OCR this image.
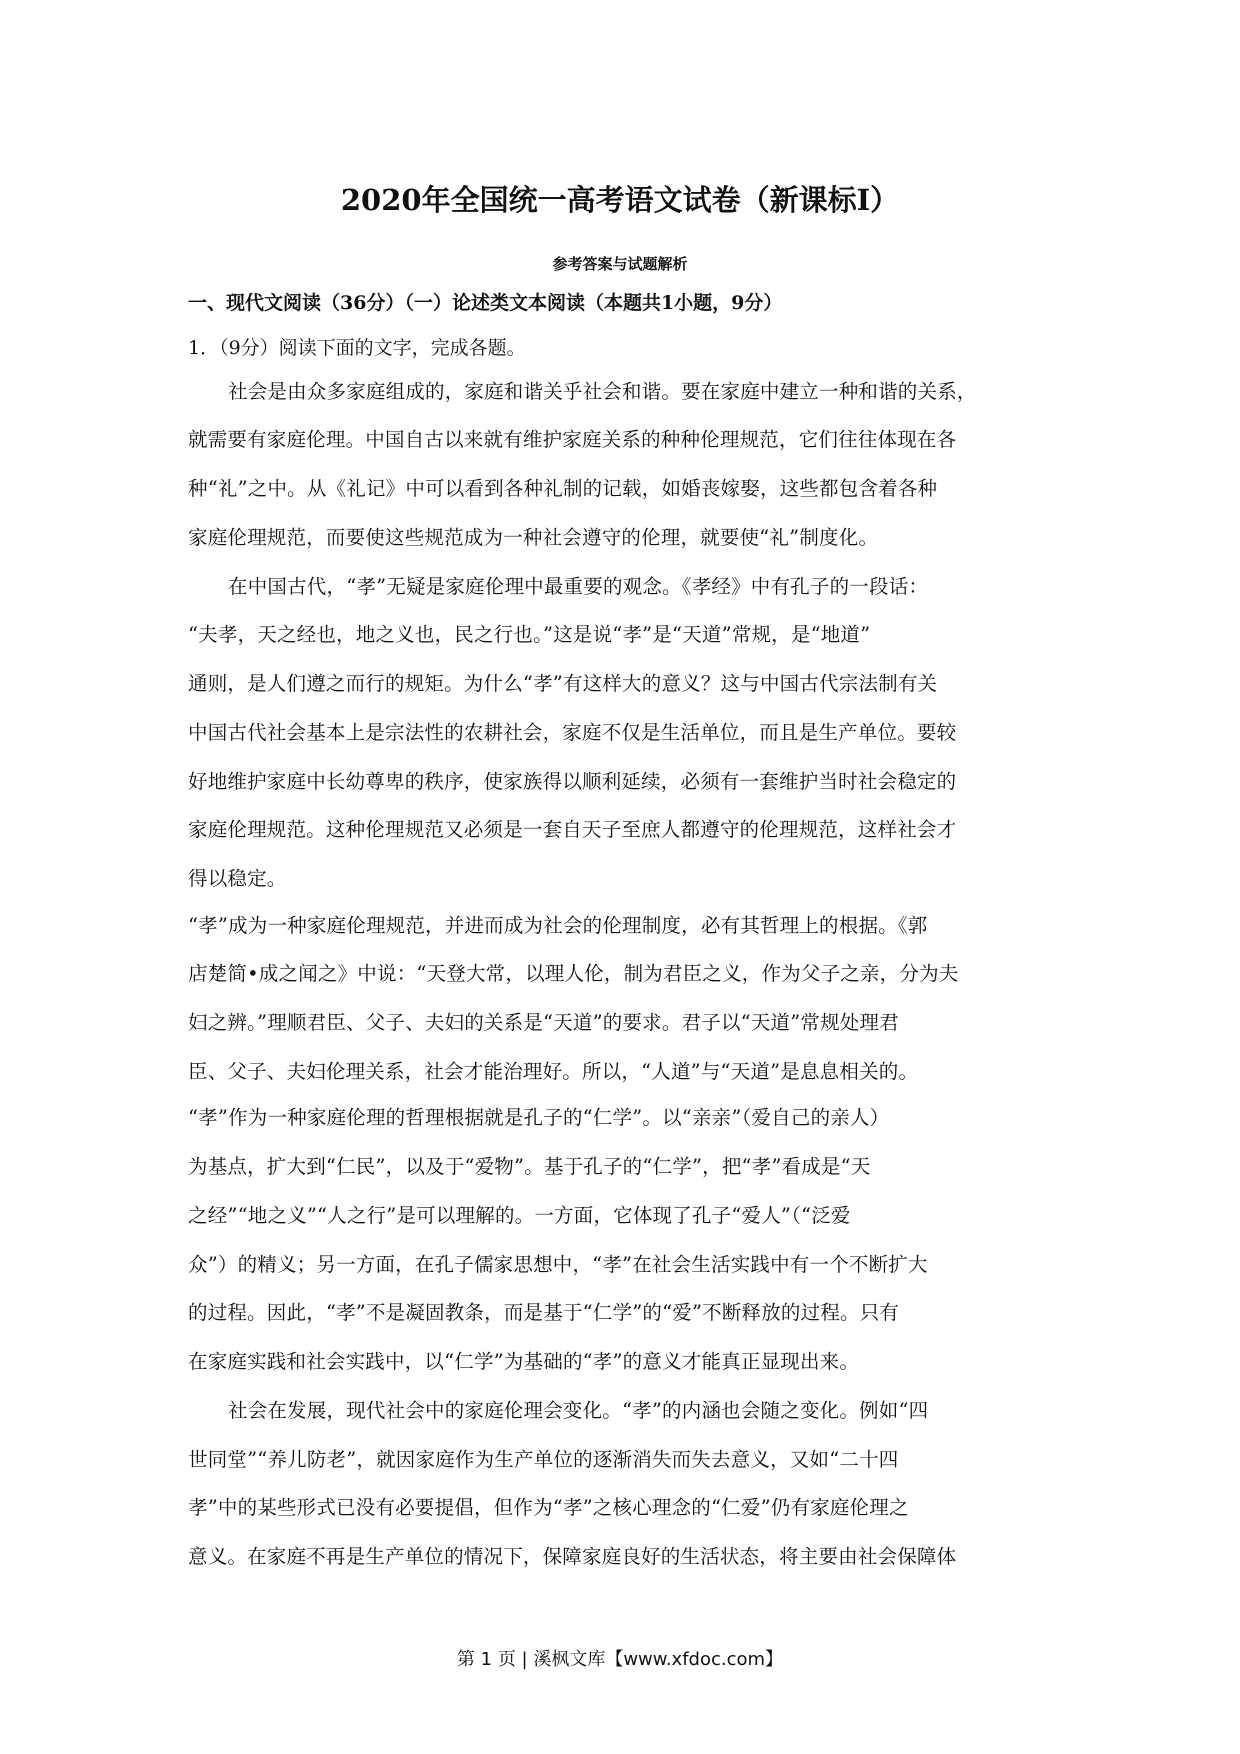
2020年全国统一高考语文试卷（新课标Ⅰ）
参考答案与试题解析
一、现代文阅读（36分）（一）论述类文本阅读（本题共1小题，9分）
1．（9分）阅读下面的文字，完成各题。
社会是由众多家庭组成的，家庭和谐关乎社会和谐。要在家庭中建立一种和谐的关系，
就需要有家庭伦理。中国自古以来就有维护家庭关系的种种伦理规范，它们往往体现在各
种“礼”之中。从《礼记》中可以看到各种礼制的记载，如婚丧嫁娶，这些都包含着各种
家庭伦理规范，而要使这些规范成为一种社会遵守的伦理，就要使“礼”制度化。
在中国古代，“孝”无疑是家庭伦理中最重要的观念。《孝经》中有孔子的一段话：
“夫孝，天之经也，地之义也，民之行也。”这是说“孝”是“天道”常规，是“地道”
通则，是人们遵之而行的规矩。为什么“孝”有这样大的意义？这与中国古代宗法制有关
中国古代社会基本上是宗法性的农耕社会，家庭不仅是生活单位，而且是生产单位。要较
好地维护家庭中长幼尊卑的秩序，使家族得以顺利延续，必须有一套维护当时社会稳定的
家庭伦理规范。这种伦理规范又必须是一套自天子至庶人都遵守的伦理规范，这样社会才
得以稳定。
“孝”成为一种家庭伦理规范，并进而成为社会的伦理制度，必有其哲理上的根据。《郭
店楚简•成之闻之》中说：“天登大常，以理人伦，制为君臣之义，作为父子之亲，分为夫
妇之辨。”理顺君臣、父子、夫妇的关系是“天道”的要求。君子以“天道”常规处理君
臣、父子、夫妇伦理关系，社会才能治理好。所以，“人道”与“天道”是息息相关的。
“孝”作为一种家庭伦理的哲理根据就是孔子的“仁学”。以“亲亲”（爱自己的亲人）
为基点，扩大到“仁民”，以及于“爱物”。基于孔子的“仁学”，把“孝”看成是“天
之经”“地之义”“人之行”是可以理解的。一方面，它体现了孔子“爱人”（“泛爱
众”）的精义；另一方面，在孔子儒家思想中，“孝”在社会生活实践中有一个不断扩大
的过程。因此，“孝”不是凝固教条，而是基于“仁学”的“爱”不断释放的过程。只有
在家庭实践和社会实践中，以“仁学”为基础的“孝”的意义才能真正显现出来。
社会在发展，现代社会中的家庭伦理会变化。“孝”的内涵也会随之变化。例如“四
世同堂”“养儿防老”，就因家庭作为生产单位的逐渐消失而失去意义，又如“二十四
孝”中的某些形式已没有必要提倡，但作为“孝”之核心理念的“仁爱”仍有家庭伦理之
意义。在家庭不再是生产单位的情况下，保障家庭良好的生活状态，将主要由社会保障体
第 1 页 | 溪枫文库【www.xfdoc.com】
